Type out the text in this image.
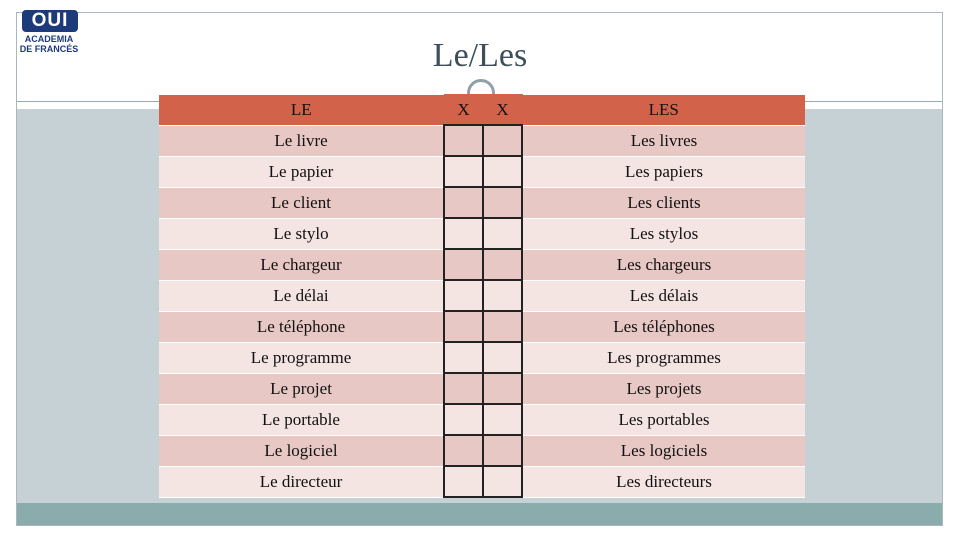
OUI
ACADEMIA
DE FRANCÉS	Le/Les
LE	X	X	LES
Le livre			Les livres
Le papier			Les papiers
Le client			Les clients
Le stylo			Les stylos
Le chargeur			Les chargeurs
Le délai			Les délais
Le téléphone			Les téléphones
Le programme			Les programmes
Le projet			Les projets
Le portable			Les portables
Le logiciel			Les logiciels
Le directeur			Les directeurs
